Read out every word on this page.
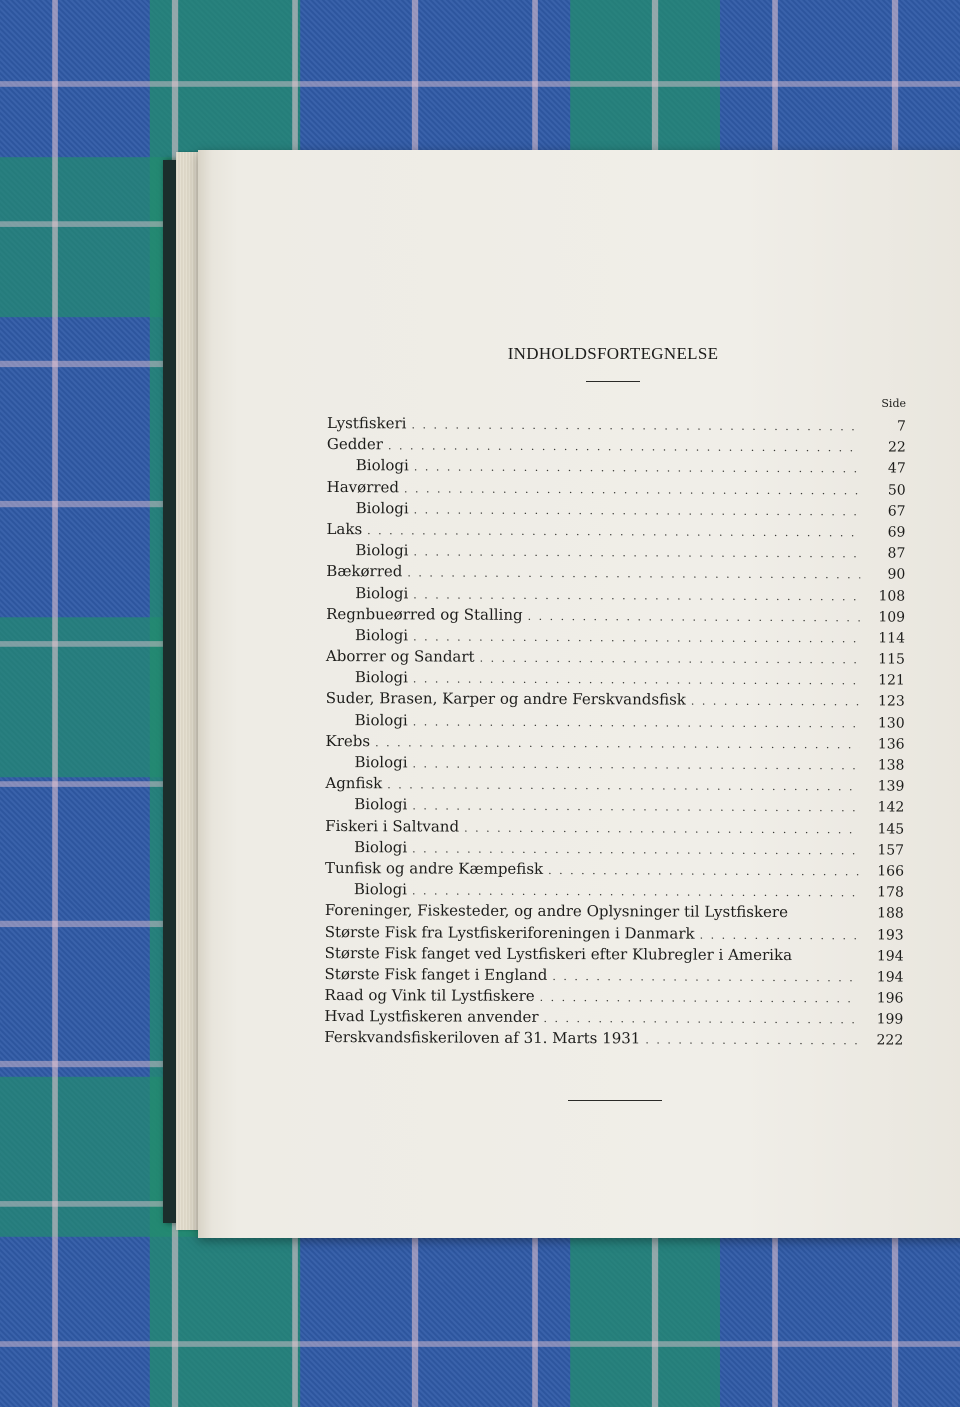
INDHOLDSFORTEGNELSE
Side
Lystfiskeri . . .	7
Gedder . . .	22
Biologi . . .	47
Havørred . . .	50
Biologi . . .	67
Laks . . .	69
Biologi . . .	87
Bækørred . . .	90
Biologi . . .	108
Regnbueørred og Stalling . . .	109
Biologi . . .	114
Aborrer og Sandart . . .	115
Biologi . . .	121
Suder, Brasen, Karper og andre Ferskvandsfisk . . .	123
Biologi . . .	130
Krebs . . .	136
Biologi . . .	138
Agnfisk . . .	139
Biologi . . .	142
Fiskeri i Saltvand . . .	145
Biologi . . .	157
Tunfisk og andre Kæmpefisk . . .	166
Biologi . . .	178
Foreninger, Fiskesteder, og andre Oplysninger til Lystfiskere	188
Største Fisk fra Lystfiskeriforeningen i Danmark . . .	193
Største Fisk fanget ved Lystfiskeri efter Klubregler i Amerika	194
Største Fisk fanget i England . . .	194
Raad og Vink til Lystfiskere . . .	196
Hvad Lystfiskeren anvender . . .	199
Ferskvandsfiskeriloven af 31. Marts 1931 . . .	222
